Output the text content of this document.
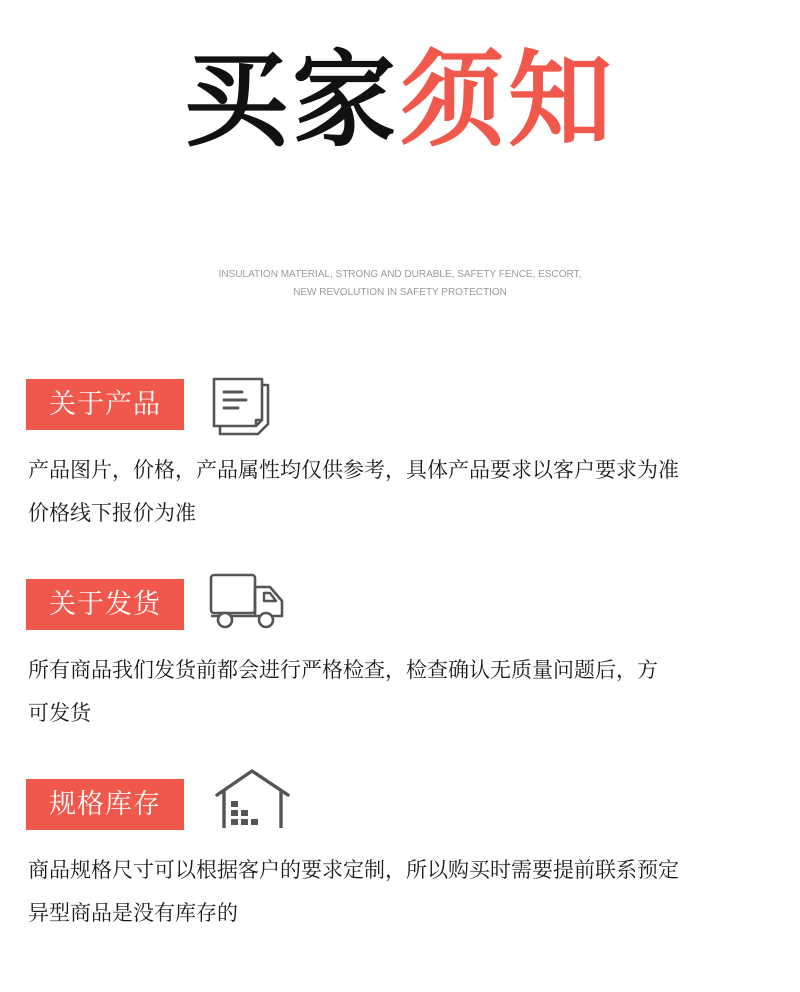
买家须知
INSULATION MATERIAL, STRONG AND DURABLE, SAFETY FENCE, ESCORT,
NEW REVOLUTION IN SAFETY PROTECTION
关于产品
产品图片，价格，产品属性均仅供参考，具体产品要求以客户要求为准
价格线下报价为准
关于发货
所有商品我们发货前都会进行严格检查，检查确认无质量问题后，方
可发货
规格库存
商品规格尺寸可以根据客户的要求定制，所以购买时需要提前联系预定
异型商品是没有库存的
